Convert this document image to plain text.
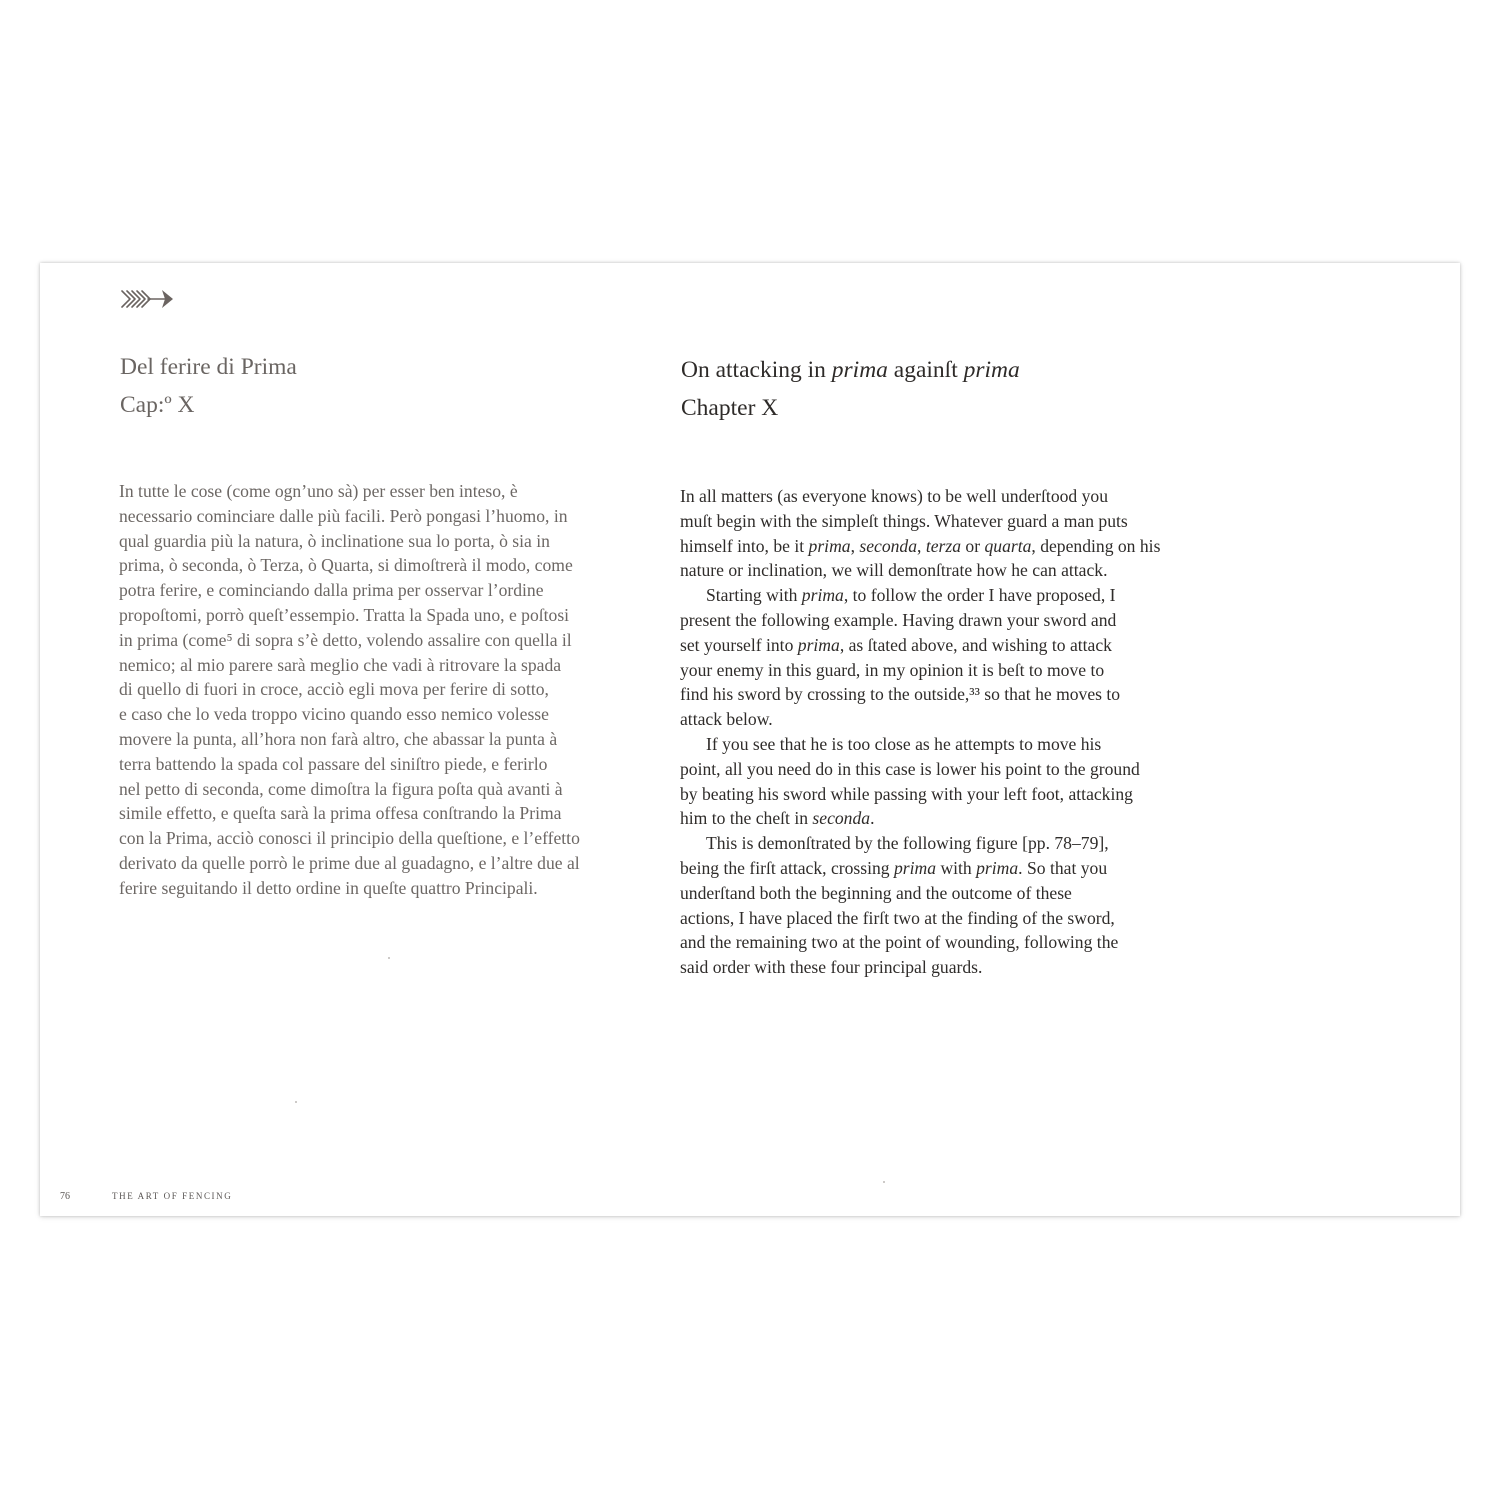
Del ferire di Prima
Cap:º X
In tutte le cose (come ogn’uno sà) per esser ben inteso, è
necessario cominciare dalle più facili. Però pongasi l’huomo, in
qual guardia più la natura, ò inclinatione sua lo porta, ò sia in
prima, ò seconda, ò Terza, ò Quarta, si dimoſtrerà il modo, come
potra ferire, e cominciando dalla prima per osservar l’ordine
propoſtomi, porrò queſt’essempio. Tratta la Spada uno, e poſtosi
in prima (come⁵ di sopra s’è detto, volendo assalire con quella il
nemico; al mio parere sarà meglio che vadi à ritrovare la spada
di quello di fuori in croce, acciò egli mova per ferire di sotto,
e caso che lo veda troppo vicino quando esso nemico volesse
movere la punta, all’hora non farà altro, che abassar la punta à
terra battendo la spada col passare del siniſtro piede, e ferirlo
nel petto di seconda, come dimoſtra la figura poſta quà avanti à
simile effetto, e queſta sarà la prima offesa conſtrando la Prima
con la Prima, acciò conosci il principio della queſtione, e l’effetto
derivato da quelle porrò le prime due al guadagno, e l’altre due al
ferire seguitando il detto ordine in queſte quattro Principali.
On attacking in prima againſt prima
Chapter X

In all matters (as everyone knows) to be well underſtood you
muſt begin with the simpleſt things. Whatever guard a man puts
himself into, be it prima, seconda, terza or quarta, depending on his
nature or inclination, we will demonſtrate how he can attack.

Starting with prima, to follow the order I have proposed, I
present the following example. Having drawn your sword and
set yourself into prima, as ſtated above, and wishing to attack
your enemy in this guard, in my opinion it is beſt to move to
find his sword by crossing to the outside,³³ so that he moves to
attack below.

If you see that he is too close as he attempts to move his
point, all you need do in this case is lower his point to the ground
by beating his sword while passing with your left foot, attacking
him to the cheſt in seconda.

This is demonſtrated by the following figure [pp. 78–79],
being the firſt attack, crossing prima with prima. So that you
underſtand both the beginning and the outcome of these
actions, I have placed the firſt two at the finding of the sword,
and the remaining two at the point of wounding, following the
said order with these four principal guards.

76	THE ART OF FENCING
